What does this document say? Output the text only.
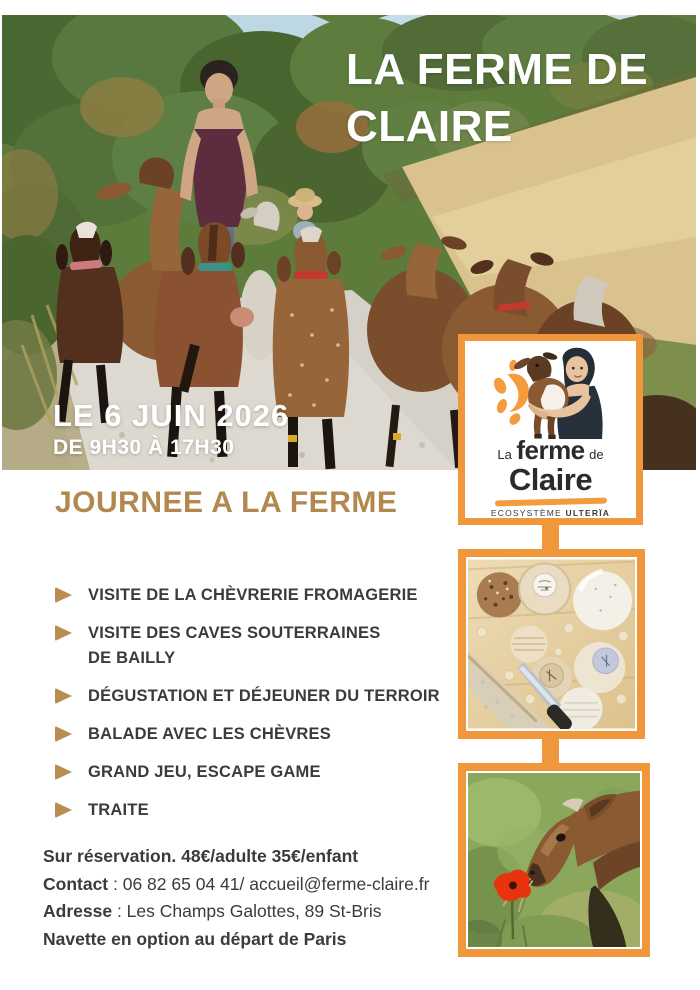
LA FERME DE
CLAIRE
LE 6 JUIN 2026
DE 9H30 À 17H30
JOURNEE A LA FERME
VISITE DE LA CHÈVRERIE FROMAGERIE
VISITE DES CAVES SOUTERRAINES
DE BAILLY
DÉGUSTATION ET DÉJEUNER DU TERROIR
BALADE AVEC LES CHÈVRES
GRAND JEU, ESCAPE GAME
TRAITE
Sur réservation. 48€/adulte 35€/enfant
Contact : 06 82 65 04 41/ accueil@ferme-claire.fr
Adresse : Les Champs Galottes, 89 St-Bris
Navette en option au départ de Paris
La ferme de
Claire
ECOSYSTÈME ULTERÏA
